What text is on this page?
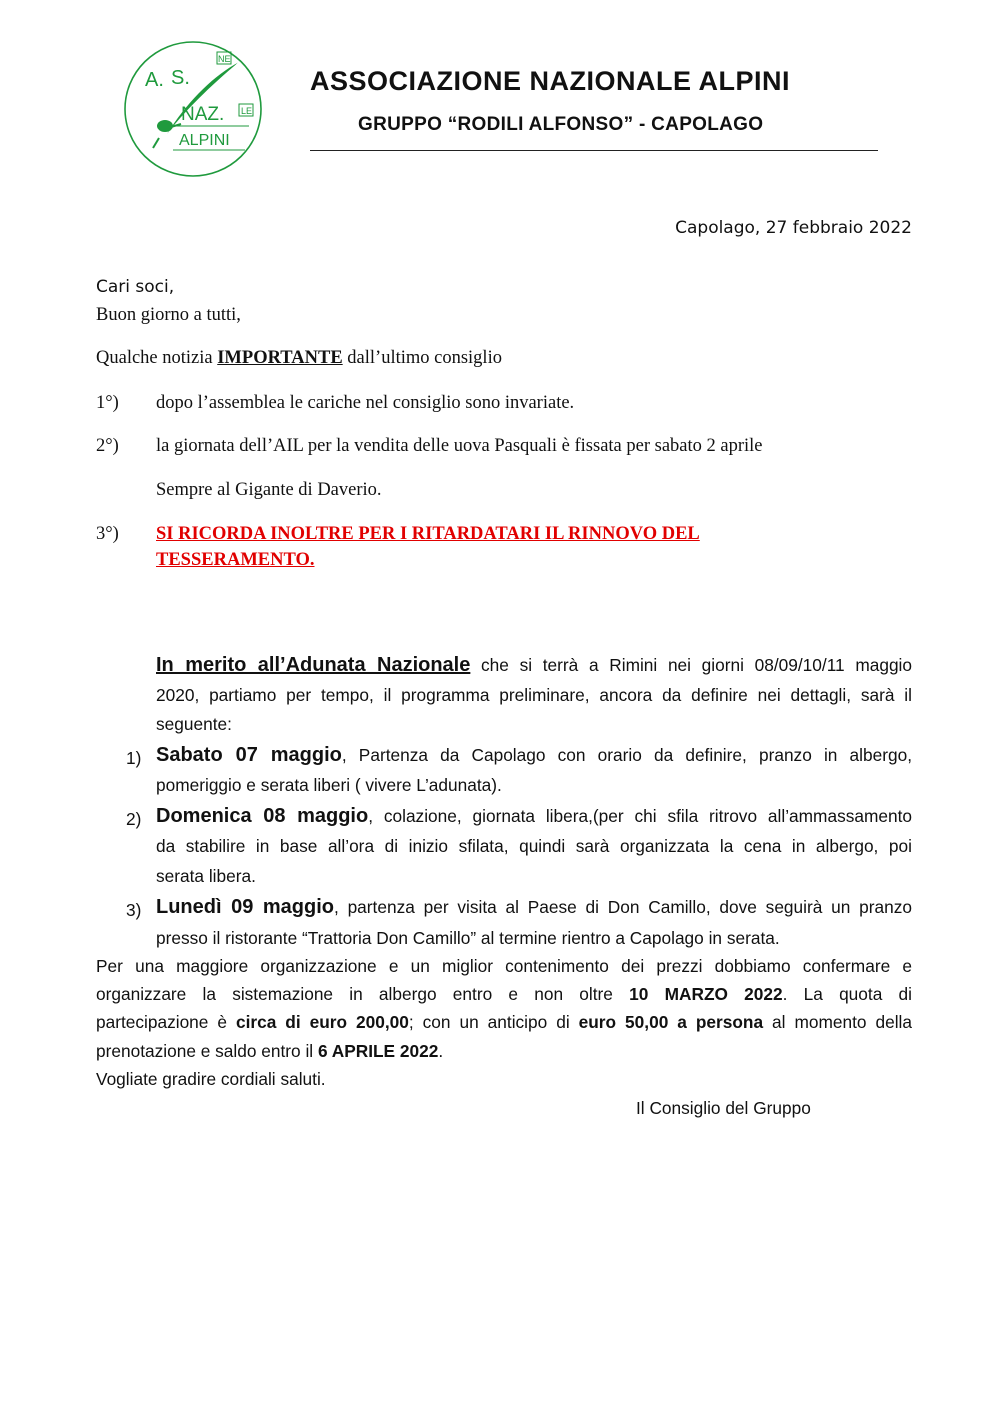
A. S.
NE
NAZ. LE
ALPINI
ASSOCIAZIONE NAZIONALE ALPINI
GRUPPO “RODILI ALFONSO” - CAPOLAGO
Capolago, 27 febbraio 2022
Cari soci,
Buon giorno a tutti,
Qualche notizia IMPORTANTE dall’ultimo consiglio
1°) dopo l’assemblea le cariche nel consiglio sono invariate.
2°) la giornata dell’AIL per la vendita delle uova Pasquali è fissata per sabato 2 aprile
Sempre al Gigante di Daverio.
3°) SI RICORDA INOLTRE PER I RITARDATARI IL RINNOVO DEL
TESSERAMENTO.
In merito all’Adunata Nazionale che si terrà a Rimini nei giorni 08/09/10/11 maggio
2020, partiamo per tempo, il programma preliminare, ancora da definire nei dettagli, sarà il
seguente:
1) Sabato 07 maggio, Partenza da Capolago con orario da definire, pranzo in albergo,
pomeriggio e serata liberi ( vivere L’adunata).
2) Domenica 08 maggio, colazione, giornata libera,(per chi sfila ritrovo all’ammassamento
da stabilire in base all’ora di inizio sfilata, quindi sarà organizzata la cena in albergo, poi
serata libera.
3) Lunedì 09 maggio, partenza per visita al Paese di Don Camillo, dove seguirà un pranzo
presso il ristorante “Trattoria Don Camillo” al termine rientro a Capolago in serata.
Per una maggiore organizzazione e un miglior contenimento dei prezzi dobbiamo confermare e
organizzare la sistemazione in albergo entro e non oltre 10 MARZO 2022. La quota di
partecipazione è circa di euro 200,00; con un anticipo di euro 50,00 a persona al momento della
prenotazione e saldo entro il 6 APRILE 2022.
Vogliate gradire cordiali saluti.
Il Consiglio del Gruppo
